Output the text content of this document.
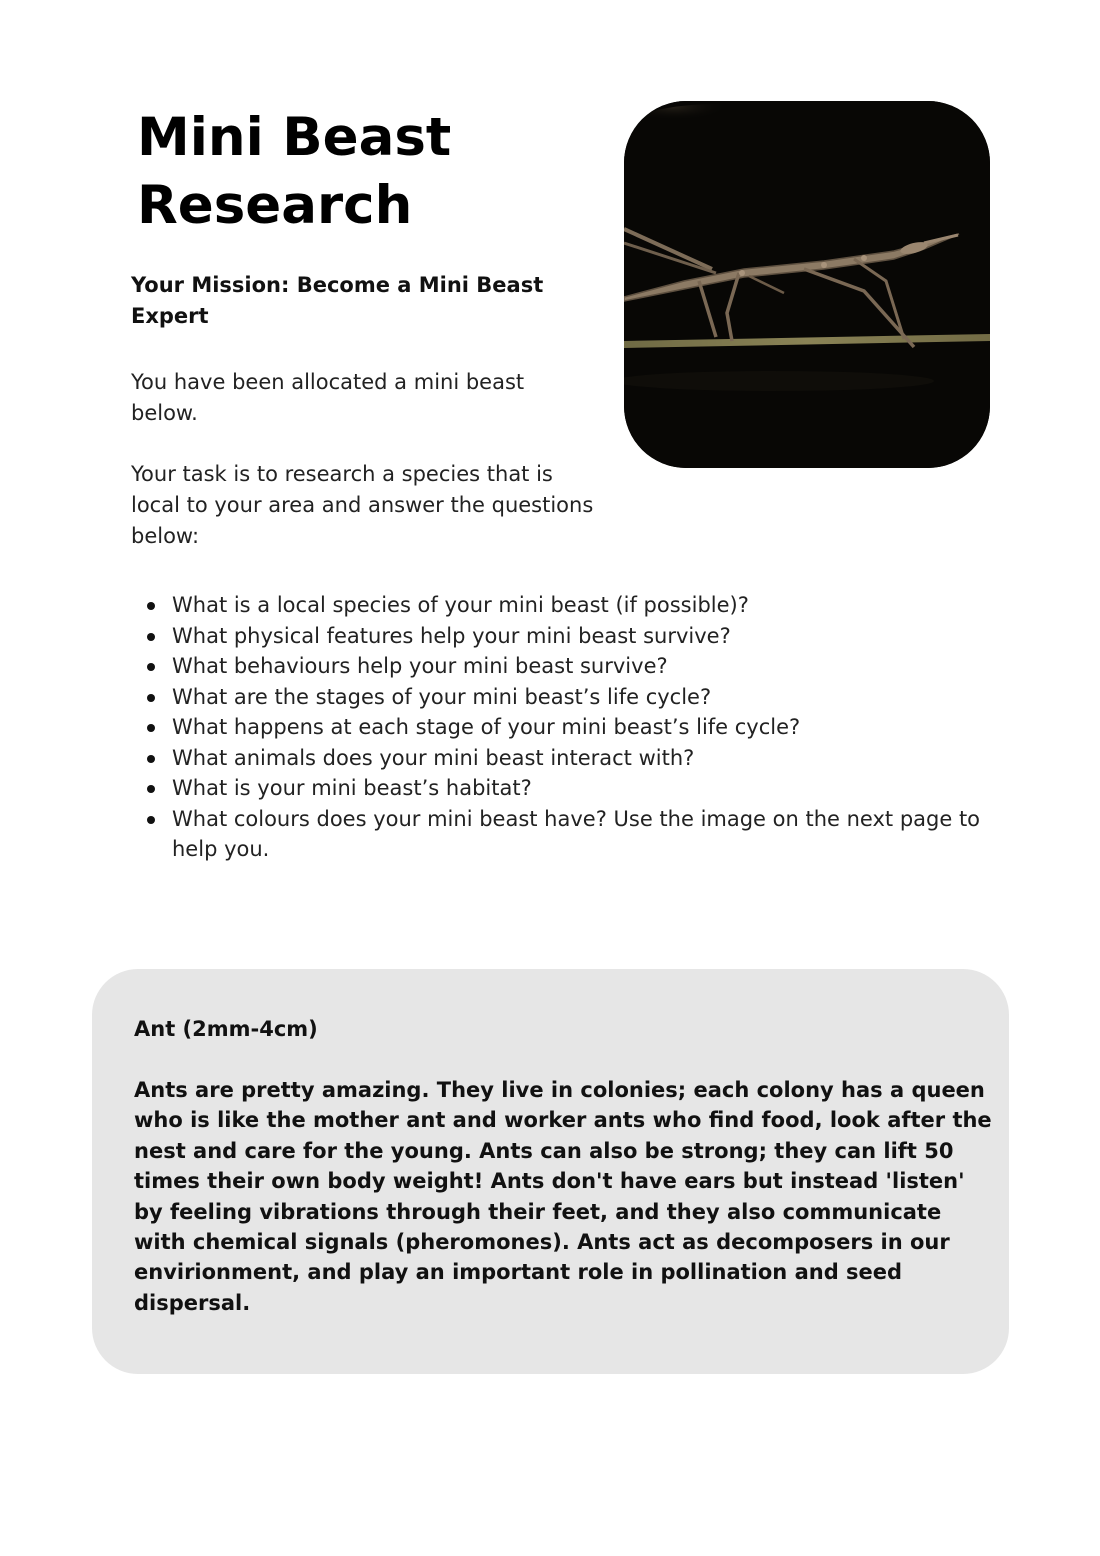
Mini Beast Research

Your Mission: Become a Mini Beast Expert

You have been allocated a mini beast below.

Your task is to research a species that is local to your area and answer the questions below:

What is a local species of your mini beast (if possible)?
What physical features help your mini beast survive?
What behaviours help your mini beast survive?
What are the stages of your mini beast’s life cycle?
What happens at each stage of your mini beast’s life cycle?
What animals does your mini beast interact with?
What is your mini beast’s habitat?
What colours does your mini beast have? Use the image on the next page to help you.

Ant (2mm-4cm)

Ants are pretty amazing. They live in colonies; each colony has a queen who is like the mother ant and worker ants who find food, look after the nest and care for the young. Ants can also be strong; they can lift 50 times their own body weight! Ants don't have ears but instead 'listen' by feeling vibrations through their feet, and they also communicate with chemical signals (pheromones). Ants act as decomposers in our envirionment, and play an important role in pollination and seed dispersal.
